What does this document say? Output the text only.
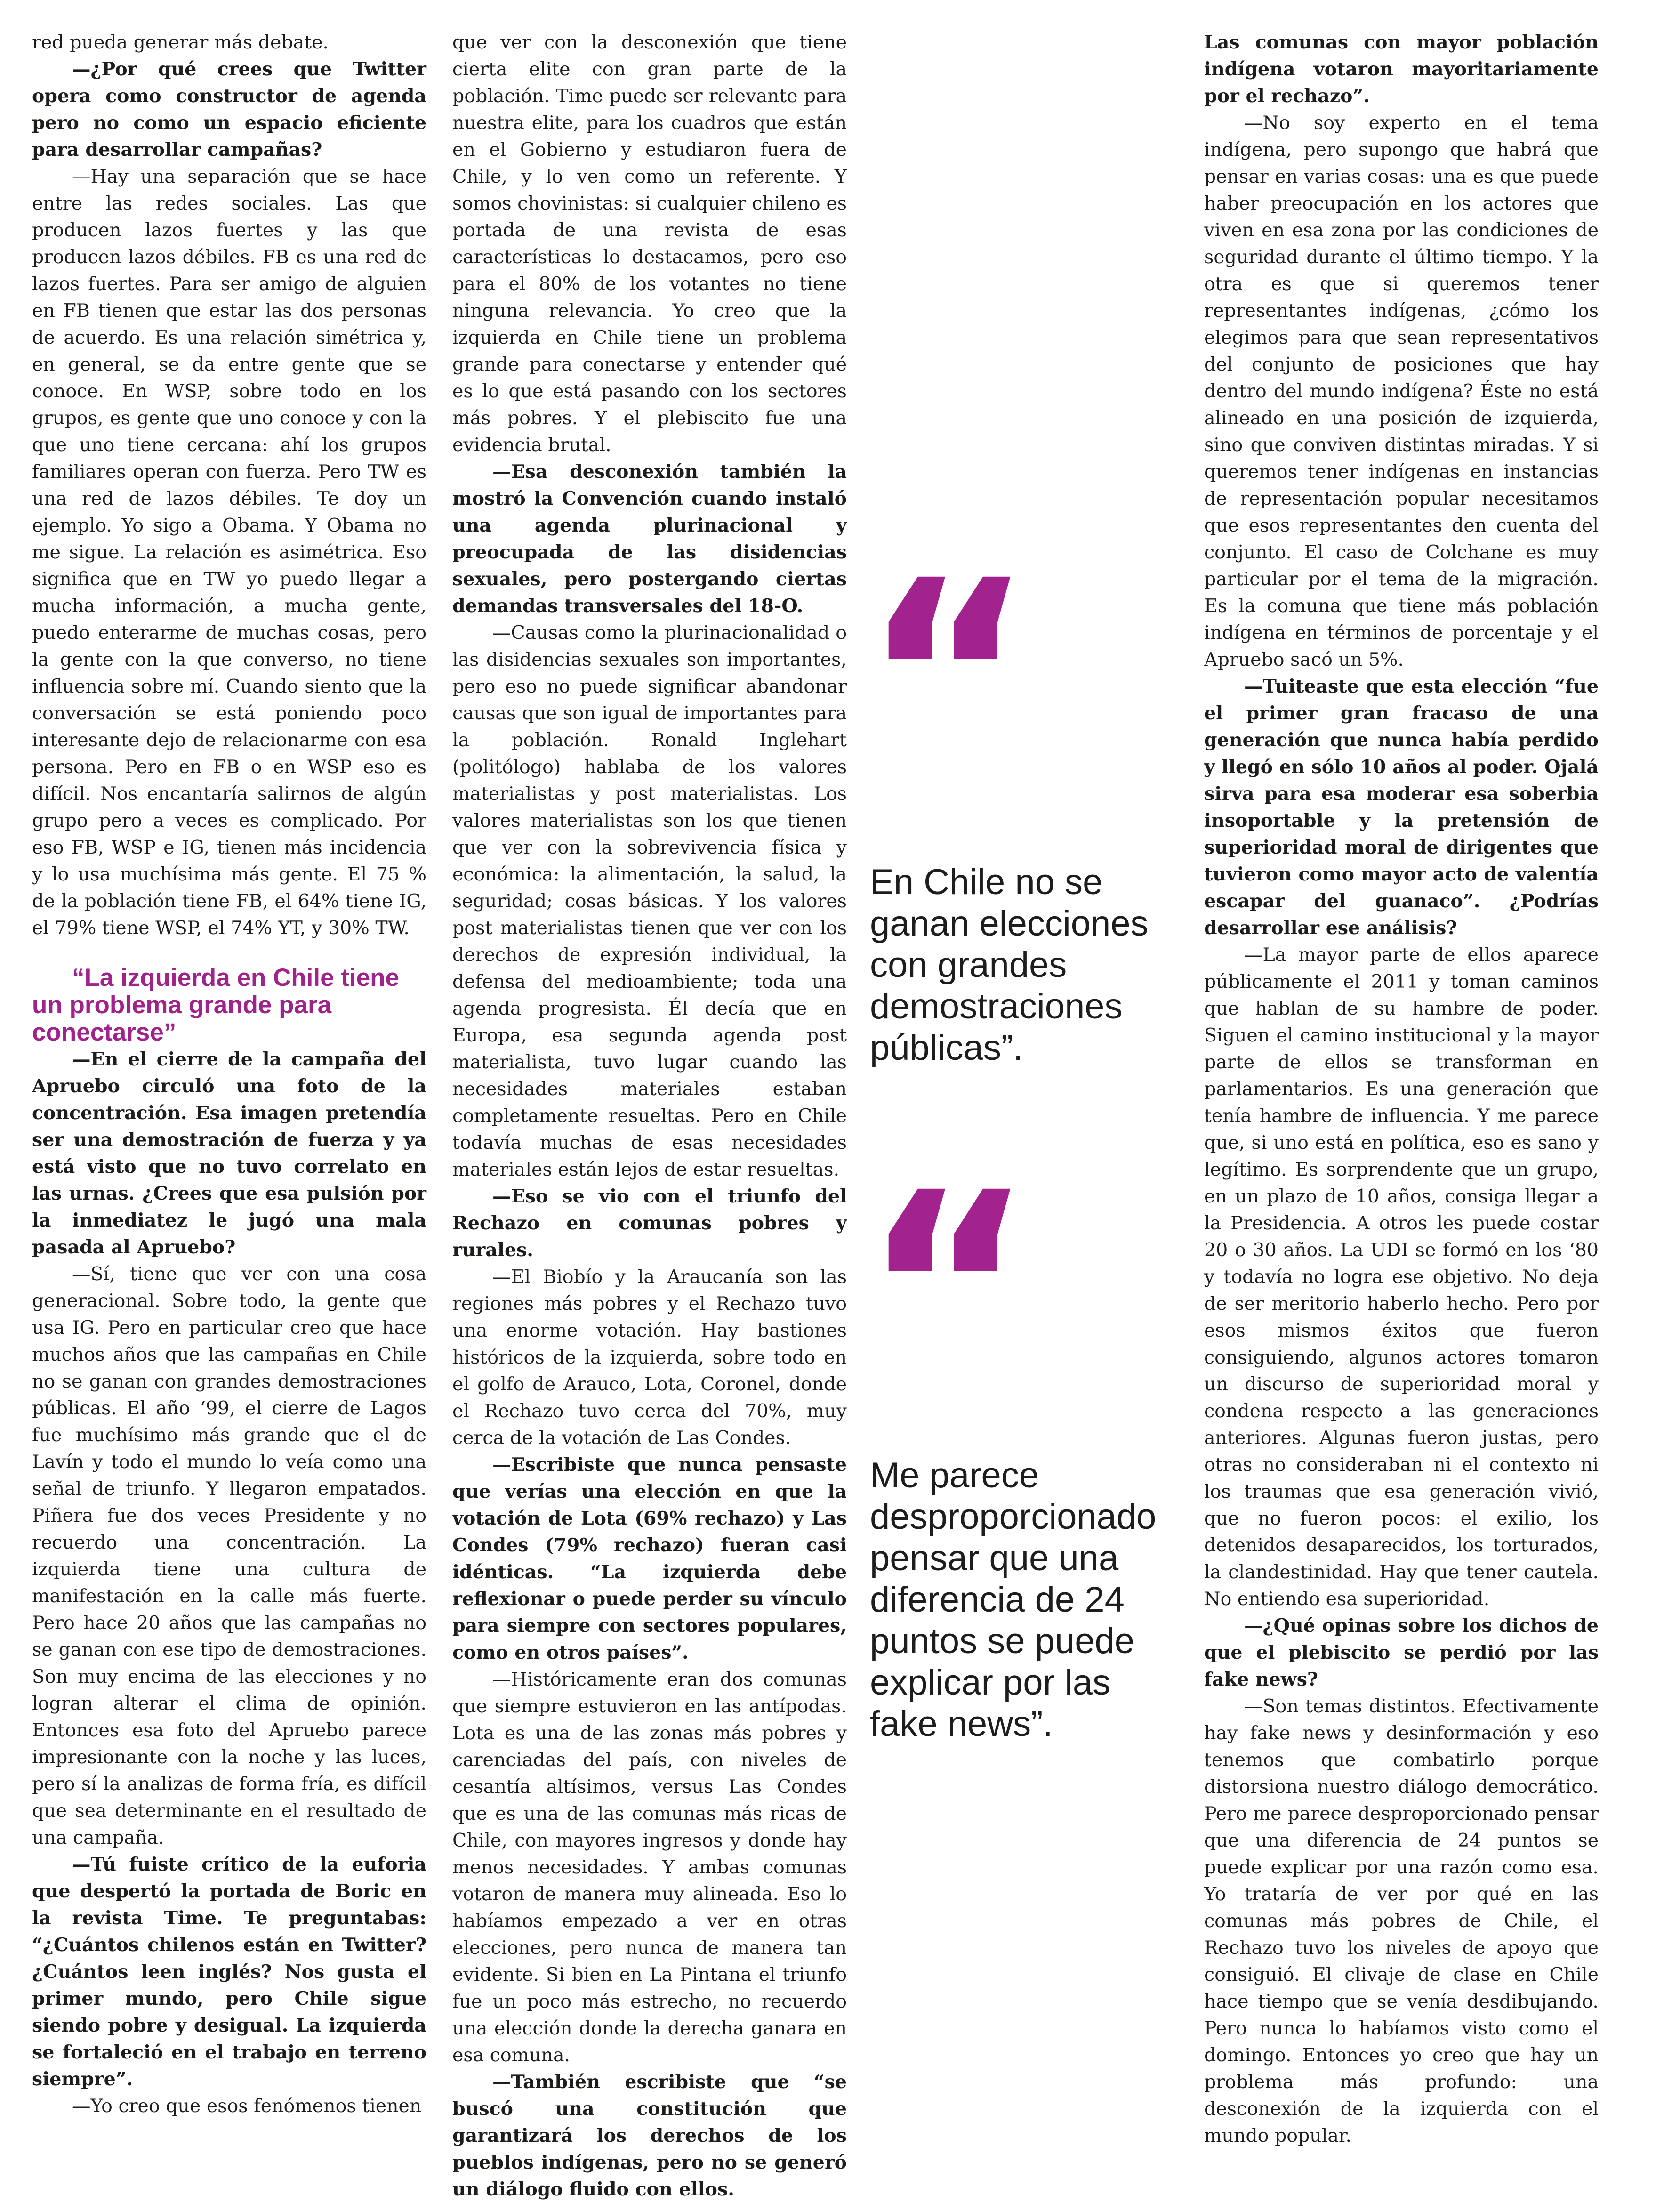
red pueda generar más debate.

—¿Por qué crees que Twitter opera como constructor de agenda pero no como un espacio eficiente para desarrollar campañas?

—Hay una separación que se hace entre las redes sociales. Las que producen lazos fuertes y las que producen lazos débiles. FB es una red de lazos fuertes. Para ser amigo de alguien en FB tienen que estar las dos personas de acuerdo. Es una relación simétrica y, en general, se da entre gente que se conoce. En WSP, sobre todo en los grupos, es gente que uno conoce y con la que uno tiene cercana: ahí los grupos familiares operan con fuerza. Pero TW es una red de lazos débiles. Te doy un ejemplo. Yo sigo a Obama. Y Obama no me sigue. La relación es asimétrica. Eso significa que en TW yo puedo llegar a mucha información, a mucha gente, puedo enterarme de muchas cosas, pero la gente con la que converso, no tiene influencia sobre mí. Cuando siento que la conversación se está poniendo poco interesante dejo de relacionarme con esa persona. Pero en FB o en WSP eso es difícil. Nos encantaría salirnos de algún grupo pero a veces es complicado. Por eso FB, WSP e IG, tienen más incidencia y lo usa muchísima más gente. El 75 % de la población tiene FB, el 64% tiene IG, el 79% tiene WSP, el 74% YT, y 30% TW.

“La izquierda en Chile tiene un problema grande para conectarse”

—En el cierre de la campaña del Apruebo circuló una foto de la concentración. Esa imagen pretendía ser una demostración de fuerza y ya está visto que no tuvo correlato en las urnas. ¿Crees que esa pulsión por la inmediatez le jugó una mala pasada al Apruebo?

—Sí, tiene que ver con una cosa generacional. Sobre todo, la gente que usa IG. Pero en particular creo que hace muchos años que las campañas en Chile no se ganan con grandes demostraciones públicas. El año ‘99, el cierre de Lagos fue muchísimo más grande que el de Lavín y todo el mundo lo veía como una señal de triunfo. Y llegaron empatados. Piñera fue dos veces Presidente y no recuerdo una concentración. La izquierda tiene una cultura de manifestación en la calle más fuerte. Pero hace 20 años que las campañas no se ganan con ese tipo de demostraciones. Son muy encima de las elecciones y no logran alterar el clima de opinión. Entonces esa foto del Apruebo parece impresionante con la noche y las luces, pero sí la analizas de forma fría, es difícil que sea determinante en el resultado de una campaña.

—Tú fuiste crítico de la euforia que despertó la portada de Boric en la revista Time. Te preguntabas: “¿Cuántos chilenos están en Twitter? ¿Cuántos leen inglés? Nos gusta el primer mundo, pero Chile sigue siendo pobre y desigual. La izquierda se fortaleció en el trabajo en terreno siempre”.

—Yo creo que esos fenómenos tienen

que ver con la desconexión que tiene cierta elite con gran parte de la población. Time puede ser relevante para nuestra elite, para los cuadros que están en el Gobierno y estudiaron fuera de Chile, y lo ven como un referente. Y somos chovinistas: si cualquier chileno es portada de una revista de esas características lo destacamos, pero eso para el 80% de los votantes no tiene ninguna relevancia. Yo creo que la izquierda en Chile tiene un problema grande para conectarse y entender qué es lo que está pasando con los sectores más pobres. Y el plebiscito fue una evidencia brutal.

—Esa desconexión también la mostró la Convención cuando instaló una agenda plurinacional y preocupada de las disidencias sexuales, pero postergando ciertas demandas transversales del 18-O.

—Causas como la plurinacionalidad o las disidencias sexuales son importantes, pero eso no puede significar abandonar causas que son igual de importantes para la población. Ronald Inglehart (politólogo) hablaba de los valores materialistas y post materialistas. Los valores materialistas son los que tienen que ver con la sobrevivencia física y económica: la alimentación, la salud, la seguridad; cosas básicas. Y los valores post materialistas tienen que ver con los derechos de expresión individual, la defensa del medioambiente; toda una agenda progresista. Él decía que en Europa, esa segunda agenda post materialista, tuvo lugar cuando las necesidades materiales estaban completamente resueltas. Pero en Chile todavía muchas de esas necesidades materiales están lejos de estar resueltas.

—Eso se vio con el triunfo del Rechazo en comunas pobres y rurales.

—El Biobío y la Araucanía son las regiones más pobres y el Rechazo tuvo una enorme votación. Hay bastiones históricos de la izquierda, sobre todo en el golfo de Arauco, Lota, Coronel, donde el Rechazo tuvo cerca del 70%, muy cerca de la votación de Las Condes.

—Escribiste que nunca pensaste que verías una elección en que la votación de Lota (69% rechazo) y Las Condes (79% rechazo) fueran casi idénticas. “La izquierda debe reflexionar o puede perder su vínculo para siempre con sectores populares, como en otros países”.

—Históricamente eran dos comunas que siempre estuvieron en las antípodas. Lota es una de las zonas más pobres y carenciadas del país, con niveles de cesantía altísimos, versus Las Condes que es una de las comunas más ricas de Chile, con mayores ingresos y donde hay menos necesidades. Y ambas comunas votaron de manera muy alineada. Eso lo habíamos empezado a ver en otras elecciones, pero nunca de manera tan evidente. Si bien en La Pintana el triunfo fue un poco más estrecho, no recuerdo una elección donde la derecha ganara en esa comuna.

—También escribiste que “se buscó una constitución que garantizará los derechos de los pueblos indígenas, pero no se generó un diálogo fluido con ellos.

“
En Chile no se ganan elecciones con grandes demostraciones públicas”.
“
Me parece desproporcionado pensar que una diferencia de 24 puntos se puede explicar por las fake news”.

Las comunas con mayor población indígena votaron mayoritariamente por el rechazo”.

—No soy experto en el tema indígena, pero supongo que habrá que pensar en varias cosas: una es que puede haber preocupación en los actores que viven en esa zona por las condiciones de seguridad durante el último tiempo. Y la otra es que si queremos tener representantes indígenas, ¿cómo los elegimos para que sean representativos del conjunto de posiciones que hay dentro del mundo indígena? Éste no está alineado en una posición de izquierda, sino que conviven distintas miradas. Y si queremos tener indígenas en instancias de representación popular necesitamos que esos representantes den cuenta del conjunto. El caso de Colchane es muy particular por el tema de la migración. Es la comuna que tiene más población indígena en términos de porcentaje y el Apruebo sacó un 5%.

—Tuiteaste que esta elección “fue el primer gran fracaso de una generación que nunca había perdido y llegó en sólo 10 años al poder. Ojalá sirva para esa moderar esa soberbia insoportable y la pretensión de superioridad moral de dirigentes que tuvieron como mayor acto de valentía escapar del guanaco”. ¿Podrías desarrollar ese análisis?

—La mayor parte de ellos aparece públicamente el 2011 y toman caminos que hablan de su hambre de poder. Siguen el camino institucional y la mayor parte de ellos se transforman en parlamentarios. Es una generación que tenía hambre de influencia. Y me parece que, si uno está en política, eso es sano y legítimo. Es sorprendente que un grupo, en un plazo de 10 años, consiga llegar a la Presidencia. A otros les puede costar 20 o 30 años. La UDI se formó en los ‘80 y todavía no logra ese objetivo. No deja de ser meritorio haberlo hecho. Pero por esos mismos éxitos que fueron consiguiendo, algunos actores tomaron un discurso de superioridad moral y condena respecto a las generaciones anteriores. Algunas fueron justas, pero otras no consideraban ni el contexto ni los traumas que esa generación vivió, que no fueron pocos: el exilio, los detenidos desaparecidos, los torturados, la clandestinidad. Hay que tener cautela. No entiendo esa superioridad.

—¿Qué opinas sobre los dichos de que el plebiscito se perdió por las fake news?

—Son temas distintos. Efectivamente hay fake news y desinformación y eso tenemos que combatirlo porque distorsiona nuestro diálogo democrático. Pero me parece desproporcionado pensar que una diferencia de 24 puntos se puede explicar por una razón como esa. Yo trataría de ver por qué en las comunas más pobres de Chile, el Rechazo tuvo los niveles de apoyo que consiguió. El clivaje de clase en Chile hace tiempo que se venía desdibujando. Pero nunca lo habíamos visto como el domingo. Entonces yo creo que hay un problema más profundo: una desconexión de la izquierda con el mundo popular.
